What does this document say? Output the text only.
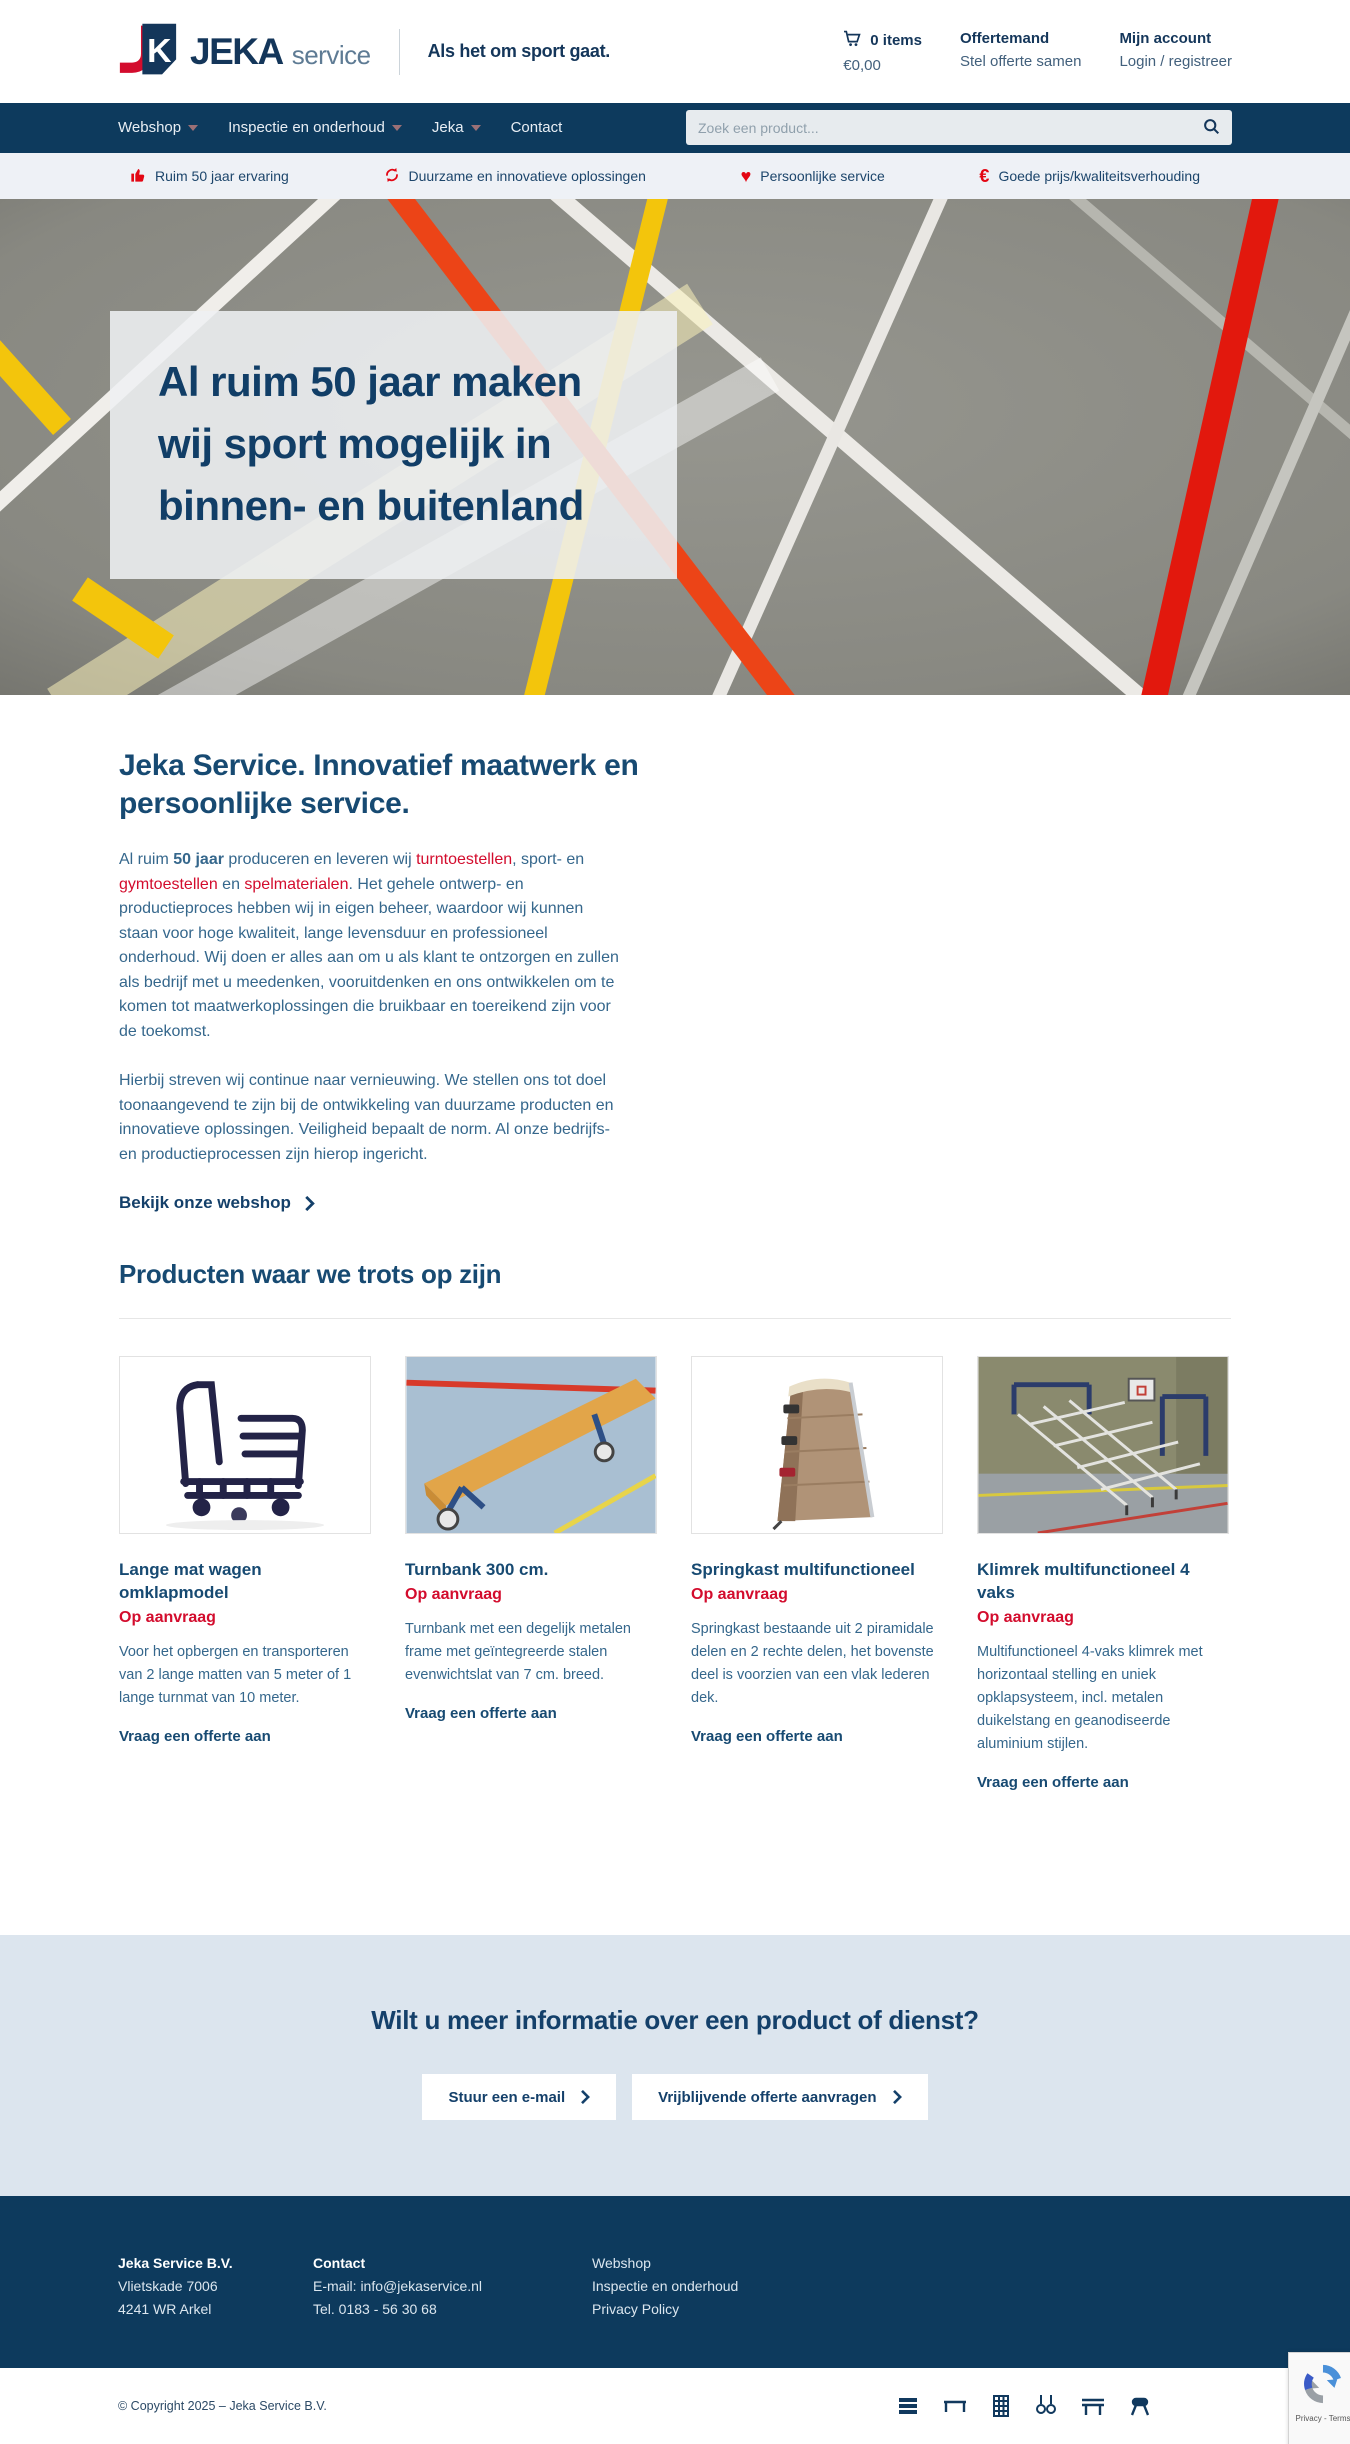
K JEKA service	Als het om sport gaat.
0 items
€0,00
Offertemand
Stel offerte samen
Mijn account
Login / registreer
Webshop	Inspectie en onderhoud	Jeka	Contact
Zoek een product...
Ruim 50 jaar ervaring	Duurzame en innovatieve oplossingen	♥ Persoonlijke service	€ Goede prijs/kwaliteitsverhouding
Al ruim 50 jaar maken wij sport mogelijk in binnen- en buitenland
Jeka Service. Innovatief maatwerk en persoonlijke service.

Al ruim 50 jaar produceren en leveren wij turntoestellen, sport- en gymtoestellen en spelmaterialen. Het gehele ontwerp- en productieproces hebben wij in eigen beheer, waardoor wij kunnen staan voor hoge kwaliteit, lange levensduur en professioneel onderhoud. Wij doen er alles aan om u als klant te ontzorgen en zullen als bedrijf met u meedenken, vooruitdenken en ons ontwikkelen om te komen tot maatwerkoplossingen die bruikbaar en toereikend zijn voor de toekomst.

Hierbij streven wij continue naar vernieuwing. We stellen ons tot doel toonaangevend te zijn bij de ontwikkeling van duurzame producten en innovatieve oplossingen. Veiligheid bepaalt de norm. Al onze bedrijfs- en productieprocessen zijn hierop ingericht.

Bekijk onze webshop
Producten waar we trots op zijn
Lange mat wagen omklapmodel
Op aanvraag
Voor het opbergen en transporteren van 2 lange matten van 5 meter of 1 lange turnmat van 10 meter.
Vraag een offerte aan
Turnbank 300 cm.
Op aanvraag
Turnbank met een degelijk metalen frame met geïntegreerde stalen evenwichtslat van 7 cm. breed.
Vraag een offerte aan
Springkast multifunctioneel
Op aanvraag
Springkast bestaande uit 2 piramidale delen en 2 rechte delen, het bovenste deel is voorzien van een vlak lederen dek.
Vraag een offerte aan
Klimrek multifunctioneel 4 vaks
Op aanvraag
Multifunctioneel 4-vaks klimrek met horizontaal stelling en uniek opklapsysteem, incl. metalen duikelstang en geanodiseerde aluminium stijlen.
Vraag een offerte aan
Wilt u meer informatie over een product of dienst?
Stuur een e-mail	Vrijblijvende offerte aanvragen
Jeka Service B.V.
Vlietskade 7006
4241 WR Arkel
Contact
E-mail: info@jekaservice.nl
Tel. 0183 - 56 30 68
Webshop
Inspectie en onderhoud
Privacy Policy
© Copyright 2025 – Jeka Service B.V.
Privacy - Terms
